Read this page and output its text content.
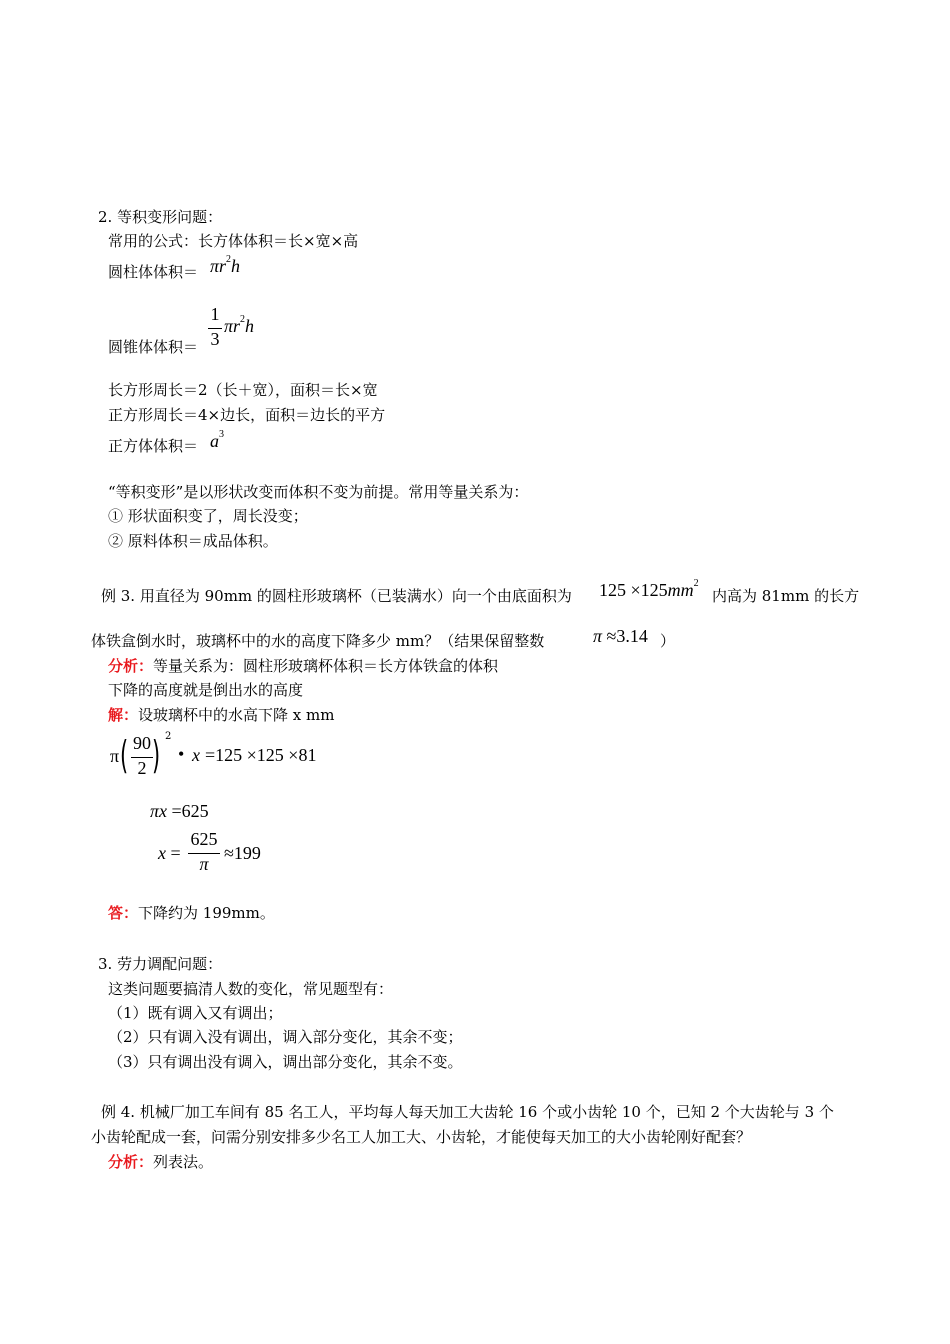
2. 等积变形问题：
常用的公式：长方体体积＝长×宽×高
圆柱体体积＝ $\pi r^2h$
圆锥体体积＝
1
3
$\pi r^2h$
长方形周长＝2（长＋宽），面积＝长×宽
正方形周长＝4×边长，面积＝边长的平方
正方体体积＝ $a^3$
“等积变形”是以形状改变而体积不变为前提。常用等量关系为：
① 形状面积变了，周长没变；
② 原料体积＝成品体积。
例 3. 用直径为 90mm 的圆柱形玻璃杯（已装满水）向一个由底面积为 $125 \times 125mm^2$
内高为 81mm 的长方
体铁盒倒水时，玻璃杯中的水的高度下降多少 mm？（结果保留整数	π ≈3.14 ）
分析：等量关系为：圆柱形玻璃杯体积＝长方体铁盒的体积
下降的高度就是倒出水的高度
解：设玻璃杯中的水高下降 x mm
π ( 90
2 ) 2
• x =125 ×125 ×81
πx =625
x =
625
π
≈199
答：下降约为 199mm。
3. 劳力调配问题：
这类问题要搞清人数的变化，常见题型有：
（1）既有调入又有调出；
（2）只有调入没有调出，调入部分变化，其余不变；
（3）只有调出没有调入，调出部分变化，其余不变。
例 4. 机械厂加工车间有 85 名工人，平均每人每天加工大齿轮 16 个或小齿轮 10 个，已知 2 个大齿轮与 3 个
小齿轮配成一套，问需分别安排多少名工人加工大、小齿轮，才能使每天加工的大小齿轮刚好配套？
分析：列表法。
